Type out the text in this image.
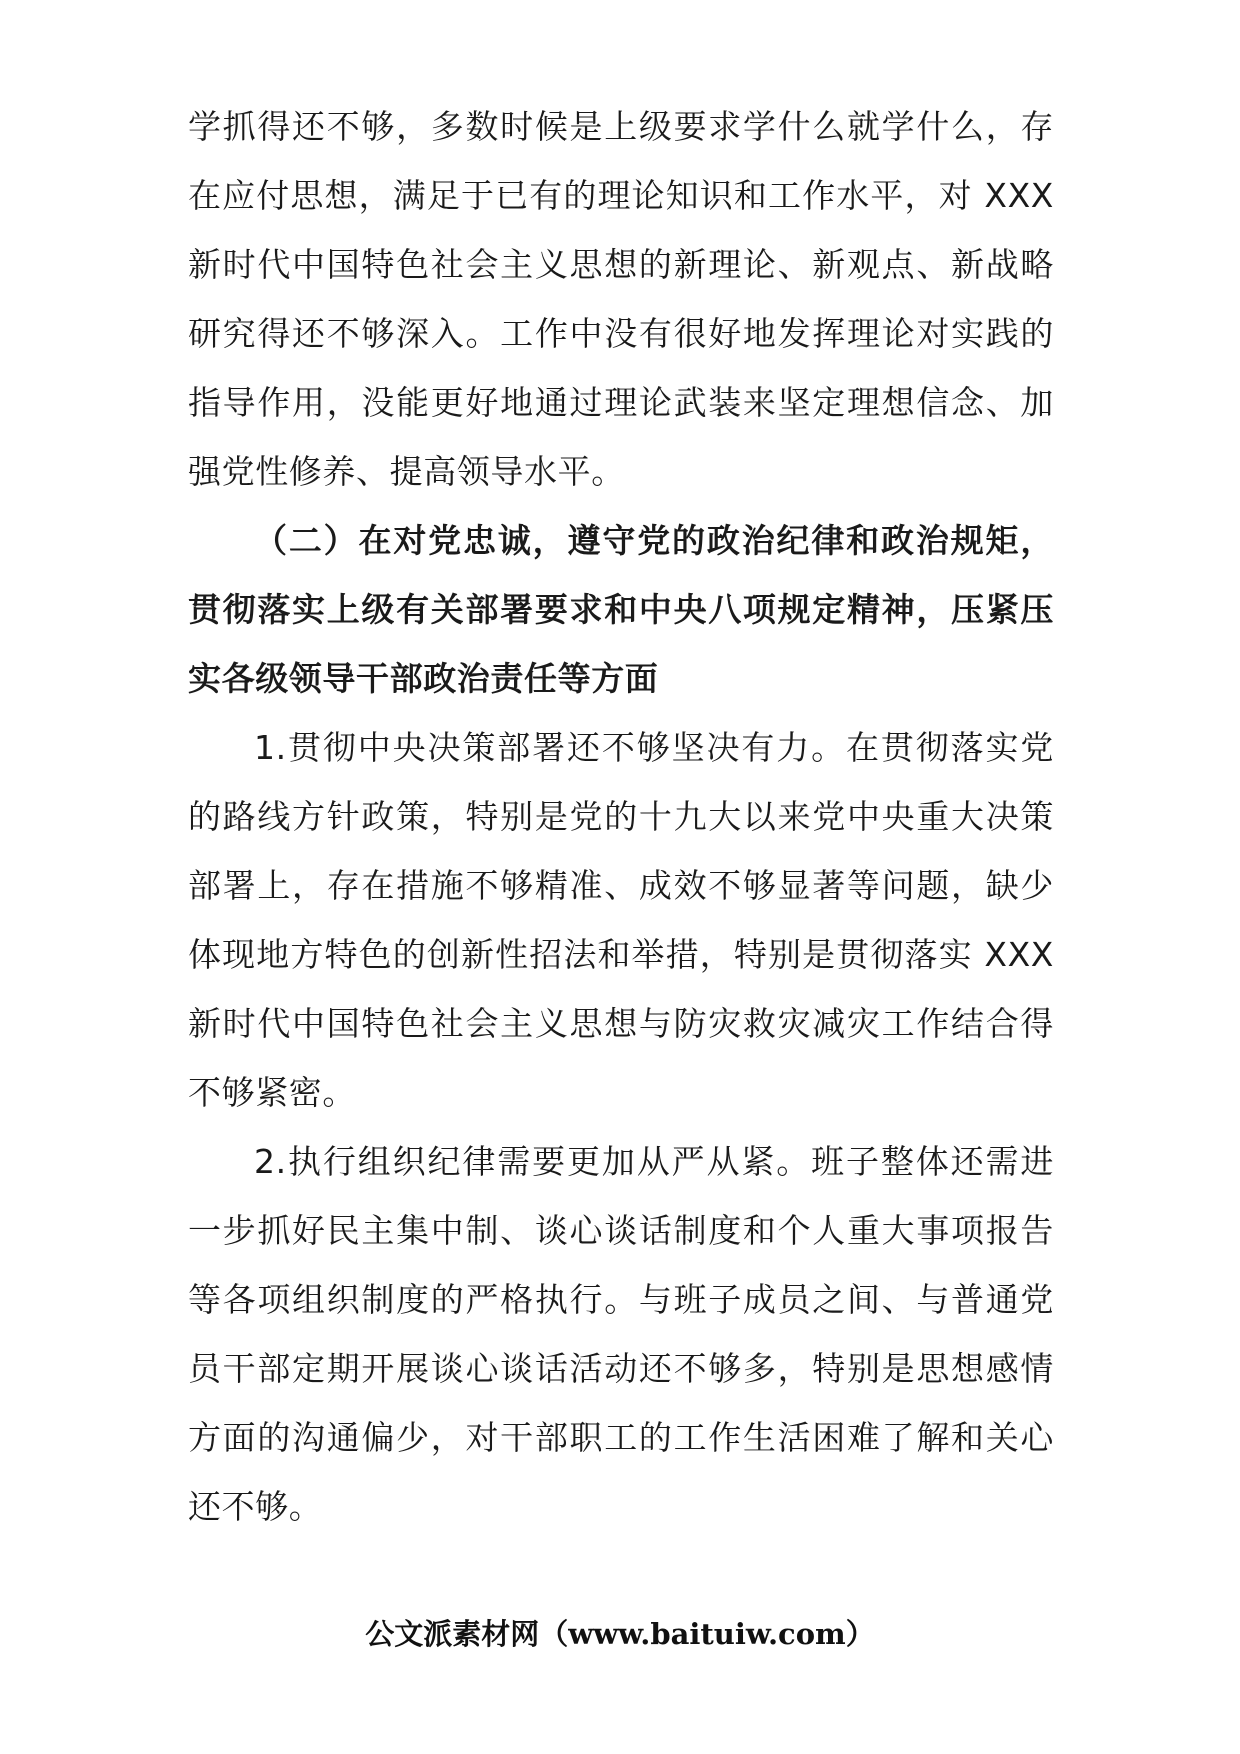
学抓得还不够，多数时候是上级要求学什么就学什么，存在应付思想，满足于已有的理论知识和工作水平，对 XXX 新时代中国特色社会主义思想的新理论、新观点、新战略研究得还不够深入。工作中没有很好地发挥理论对实践的指导作用，没能更好地通过理论武装来坚定理想信念、加强党性修养、提高领导水平。

（二）在对党忠诚，遵守党的政治纪律和政治规矩，贯彻落实上级有关部署要求和中央八项规定精神，压紧压实各级领导干部政治责任等方面

1.贯彻中央决策部署还不够坚决有力。在贯彻落实党的路线方针政策，特别是党的十九大以来党中央重大决策部署上，存在措施不够精准、成效不够显著等问题，缺少体现地方特色的创新性招法和举措，特别是贯彻落实 XXX 新时代中国特色社会主义思想与防灾救灾减灾工作结合得不够紧密。

2.执行组织纪律需要更加从严从紧。班子整体还需进一步抓好民主集中制、谈心谈话制度和个人重大事项报告等各项组织制度的严格执行。与班子成员之间、与普通党员干部定期开展谈心谈话活动还不够多，特别是思想感情方面的沟通偏少，对干部职工的工作生活困难了解和关心还不够。

公文派素材网（www.baituiw.com）
